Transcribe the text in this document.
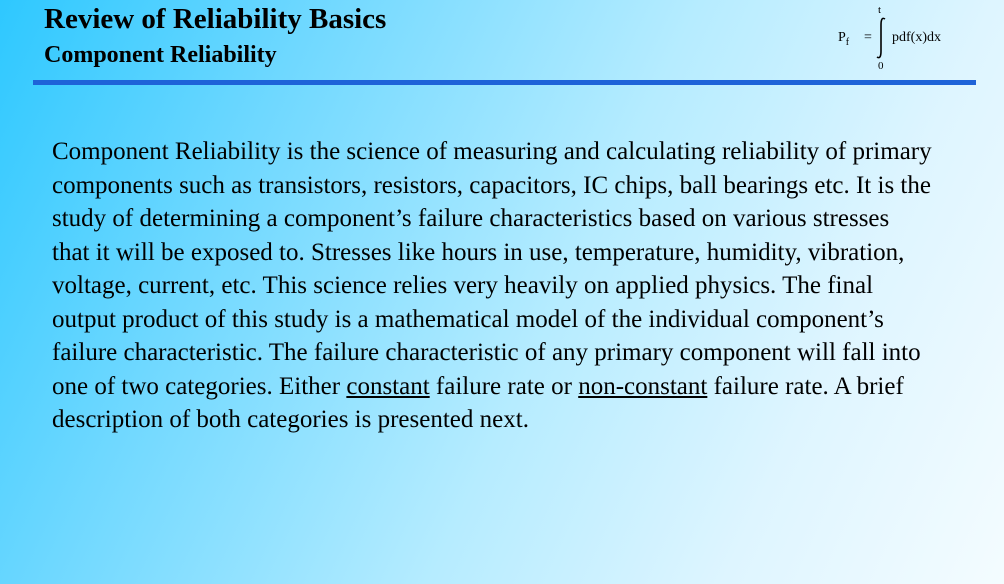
Review of Reliability Basics
Component Reliability
$P_f$ =
t
0
pdf(x)dx

Component Reliability is the science of measuring and calculating reliability of primary components such as transistors, resistors, capacitors, IC chips, ball bearings etc. It is the study of determining a component’s failure characteristics based on various stresses that it will be exposed to. Stresses like hours in use, temperature, humidity, vibration, voltage, current, etc. This science relies very heavily on applied physics. The final output product of this study is a mathematical model of the individual component’s failure characteristic. The failure characteristic of any primary component will fall into one of two categories. Either constant failure rate or non-constant failure rate. A brief description of both categories is presented next.
